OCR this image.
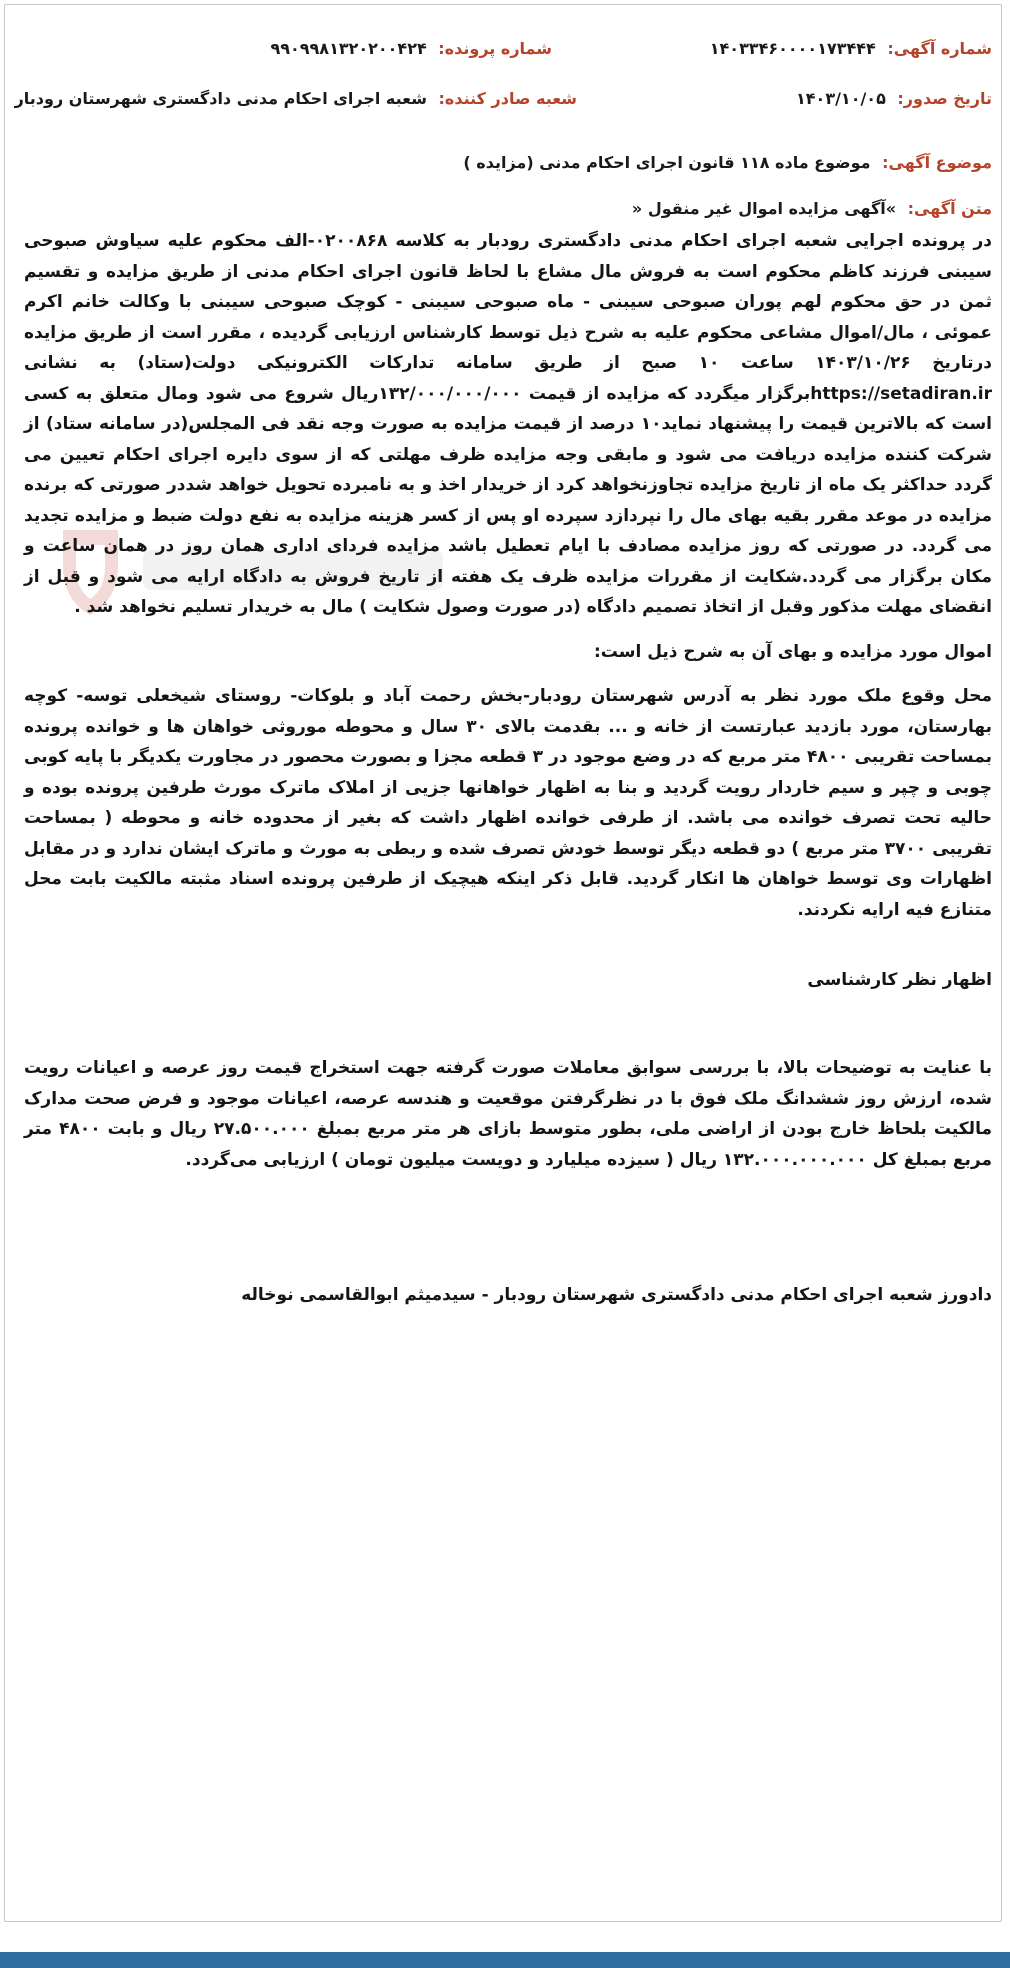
شماره آگهی: ۱۴۰۳۳۴۶۰۰۰۰۱۷۳۴۴۴
شماره پرونده: ۹۹۰۹۹۸۱۳۲۰۲۰۰۴۲۴
تاریخ صدور: ۱۴۰۳/۱۰/۰۵
شعبه صادر کننده: شعبه اجرای احکام مدنی دادگستری شهرستان رودبار
موضوع آگهی: موضوع ماده ۱۱۸ قانون اجرای احکام مدنی (مزایده )
متن آگهی: »آگهی مزایده اموال غیر منقول «
در پرونده اجرایی شعبه اجرای احکام مدنی دادگستری رودبار به کلاسه ۰۲۰۰۸۶۸-الف محکوم علیه سیاوش صبوحی سیبنی فرزند کاظم محکوم است به فروش مال مشاع با لحاظ قانون اجرای احکام مدنی از طریق مزایده و تقسیم ثمن در حق محکوم لهم پوران صبوحی سیبنی - ماه صبوحی سیبنی - کوچک صبوحی سیبنی با وکالت خانم اکرم عموئی ، مال/اموال مشاعی محکوم علیه به شرح ذیل توسط کارشناس ارزیابی گردیده ، مقرر است از طریق مزایده درتاریخ ۱۴۰۳/۱۰/۲۶ ساعت ۱۰ صبح از طریق سامانه تدارکات الکترونیکی دولت(ستاد) به نشانی https://setadiran.irبرگزار میگردد که مزایده از قیمت ۱۳۲/۰۰۰/۰۰۰/۰۰۰ریال شروع می شود ومال متعلق به کسی است که بالاترین قیمت را پیشنهاد نماید۱۰ درصد از قیمت مزایده به صورت وجه نقد فی المجلس(در سامانه ستاد) از شرکت کننده مزایده دریافت می شود و مابقی وجه مزایده ظرف مهلتی که از سوی دایره اجرای احکام تعیین می گردد حداکثر یک ماه از تاریخ مزایده تجاوزنخواهد کرد از خریدار اخذ و به نامبرده تحویل خواهد شددر صورتی که برنده مزایده در موعد مقرر بقیه بهای مال را نپردازد سپرده او پس از کسر هزینه مزایده به نفع دولت ضبط و مزایده تجدید می گردد. در صورتی که روز مزایده مصادف با ایام تعطیل باشد مزایده فردای اداری همان روز در همان ساعت و مکان برگزار می گردد.شکایت از مقررات مزایده ظرف یک هفته از تاریخ فروش به دادگاه ارایه می شود و قبل از انقضای مهلت مذکور وقبل از اتخاذ تصمیم دادگاه (در صورت وصول شکایت ) مال به خریدار تسلیم نخواهد شد .
اموال مورد مزایده و بهای آن به شرح ذیل است:
محل وقوع ملک مورد نظر به آدرس شهرستان رودبار-بخش رحمت آباد و بلوکات- روستای شیخعلی توسه- کوچه بهارستان، مورد بازدید عبارتست از خانه و ... بقدمت بالای ۳۰ سال و محوطه موروثی خواهان ها و خوانده پرونده بمساحت تقریبی ۴۸۰۰ متر مربع که در وضع موجود در ۳ قطعه مجزا و بصورت محصور در مجاورت یکدیگر با پایه کوبی چوبی و چپر و سیم خاردار رویت گردید و بنا به اظهار خواهانها جزیی از املاک ماترک مورث طرفین پرونده بوده و حالیه تحت تصرف خوانده می باشد. از طرفی خوانده اظهار داشت که بغیر از محدوده خانه و محوطه ( بمساحت تقریبی ۳۷۰۰ متر مربع ) دو قطعه دیگر توسط خودش تصرف شده و ربطی به مورث و ماترک ایشان ندارد و در مقابل اظهارات وی توسط خواهان ها انکار گردید. قابل ذکر اینکه هیچیک از طرفین پرونده اسناد مثبته مالکیت بابت محل متنازع فیه ارایه نکردند.
اظهار نظر کارشناسی
با عنایت به توضیحات بالا، با بررسی سوابق معاملات صورت گرفته جهت استخراج قیمت روز عرصه و اعیانات رویت شده، ارزش روز ششدانگ ملک فوق با در نظرگرفتن موقعیت و هندسه عرصه، اعیانات موجود و فرض صحت مدارک مالکیت بلحاظ خارج بودن از اراضی ملی، بطور متوسط بازای هر متر مربع بمبلغ ۲۷.۵۰۰.۰۰۰ ریال و بابت ۴۸۰۰ متر مربع بمبلغ کل ۱۳۲.۰۰۰.۰۰۰.۰۰۰ ریال ( سیزده میلیارد و دویست میلیون تومان ) ارزیابی می‌گردد.
دادورز شعبه اجرای احکام مدنی دادگستری شهرستان رودبار - سیدمیثم ابوالقاسمی نوخاله
